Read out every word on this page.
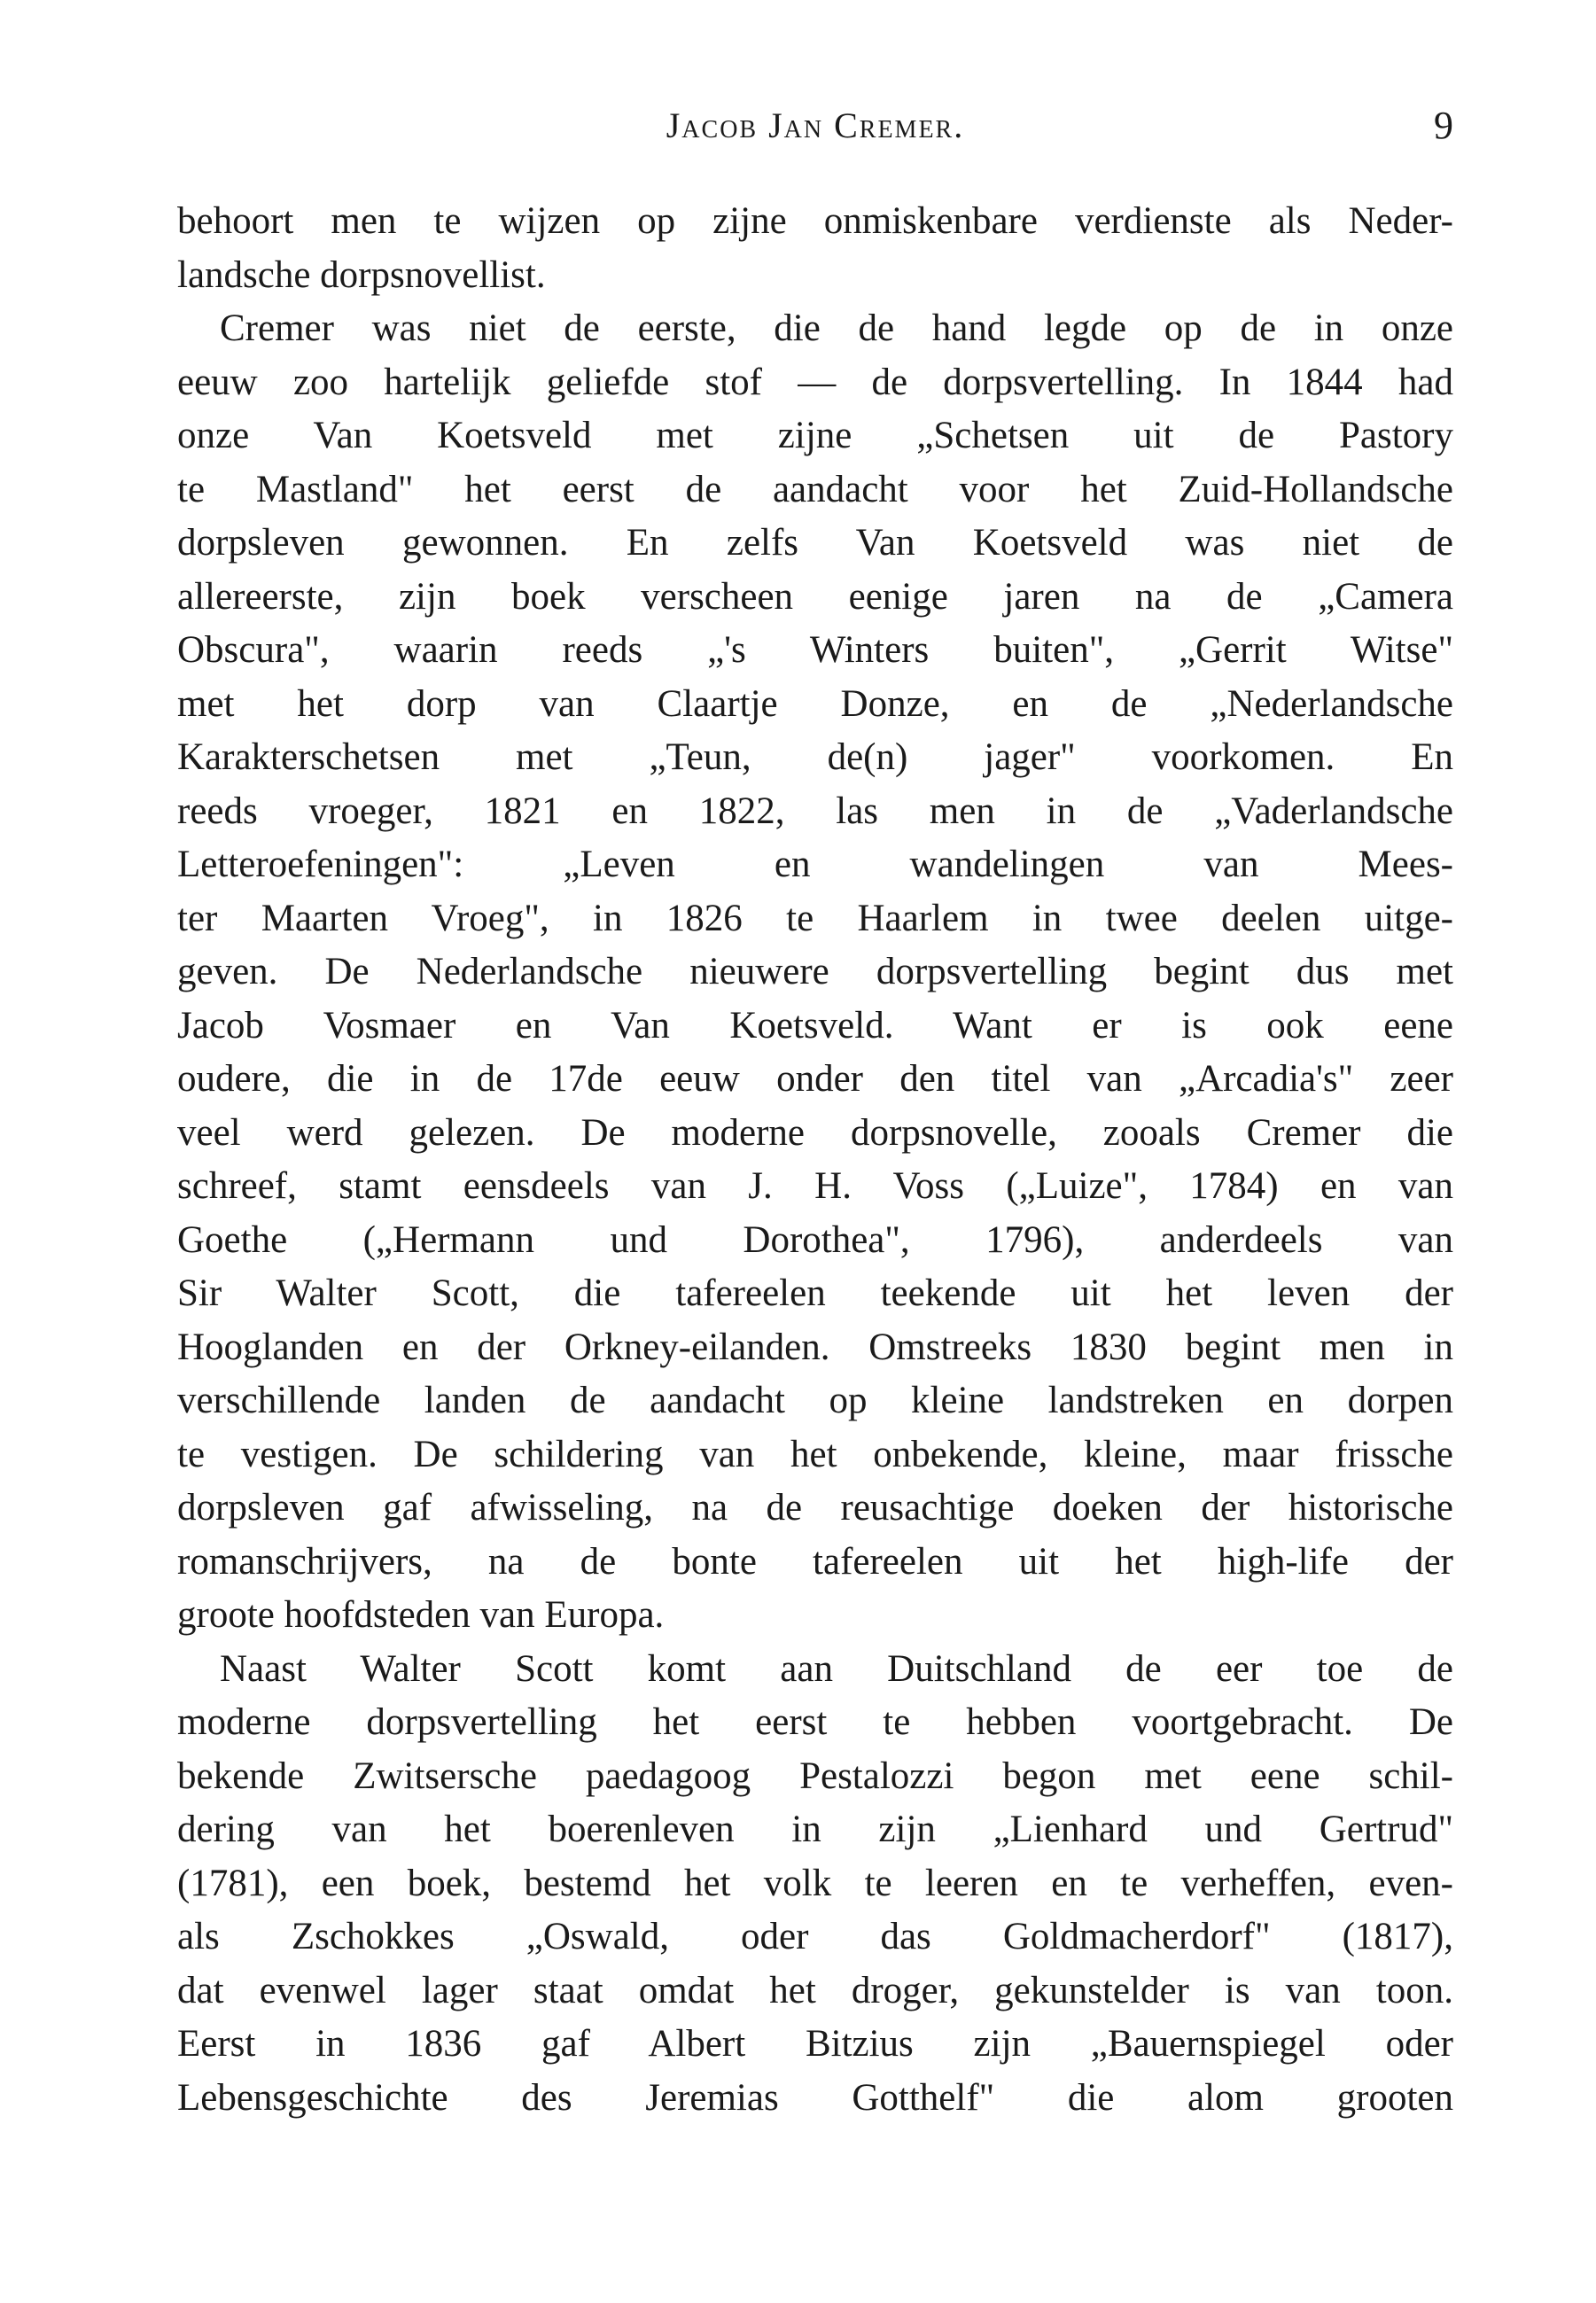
Jacob Jan Cremer.	9
behoort men te wijzen op zijne onmiskenbare verdienste als Neder-
landsche dorpsnovellist.
Cremer was niet de eerste, die de hand legde op de in onze
eeuw zoo hartelijk geliefde stof — de dorpsvertelling. In 1844 had
onze Van Koetsveld met zijne „Schetsen uit de Pastory
te Mastland" het eerst de aandacht voor het Zuid-Hollandsche
dorpsleven gewonnen. En zelfs Van Koetsveld was niet de
allereerste, zijn boek verscheen eenige jaren na de „Camera
Obscura", waarin reeds „'s Winters buiten", „Gerrit Witse"
met het dorp van Claartje Donze, en de „Nederlandsche
Karakterschetsen met „Teun, de(n) jager" voorkomen. En
reeds vroeger, 1821 en 1822, las men in de „Vaderlandsche
Letteroefeningen": „Leven en wandelingen van Mees-
ter Maarten Vroeg", in 1826 te Haarlem in twee deelen uitge-
geven. De Nederlandsche nieuwere dorpsvertelling begint dus met
Jacob Vosmaer en Van Koetsveld. Want er is ook eene
oudere, die in de 17de eeuw onder den titel van „Arcadia's" zeer
veel werd gelezen. De moderne dorpsnovelle, zooals Cremer die
schreef, stamt eensdeels van J. H. Voss („Luize", 1784) en van
Goethe („Hermann und Dorothea", 1796), anderdeels van
Sir Walter Scott, die tafereelen teekende uit het leven der
Hooglanden en der Orkney-eilanden. Omstreeks 1830 begint men in
verschillende landen de aandacht op kleine landstreken en dorpen
te vestigen. De schildering van het onbekende, kleine, maar frissche
dorpsleven gaf afwisseling, na de reusachtige doeken der historische
romanschrijvers, na de bonte tafereelen uit het high-life der
groote hoofdsteden van Europa.
Naast Walter Scott komt aan Duitschland de eer toe de
moderne dorpsvertelling het eerst te hebben voortgebracht. De
bekende Zwitsersche paedagoog Pestalozzi begon met eene schil-
dering van het boerenleven in zijn „Lienhard und Gertrud"
(1781), een boek, bestemd het volk te leeren en te verheffen, even-
als Zschokkes „Oswald, oder das Goldmacherdorf" (1817),
dat evenwel lager staat omdat het droger, gekunstelder is van toon.
Eerst in 1836 gaf Albert Bitzius zijn „Bauernspiegel oder
Lebensgeschichte des Jeremias Gotthelf" die alom grooten
